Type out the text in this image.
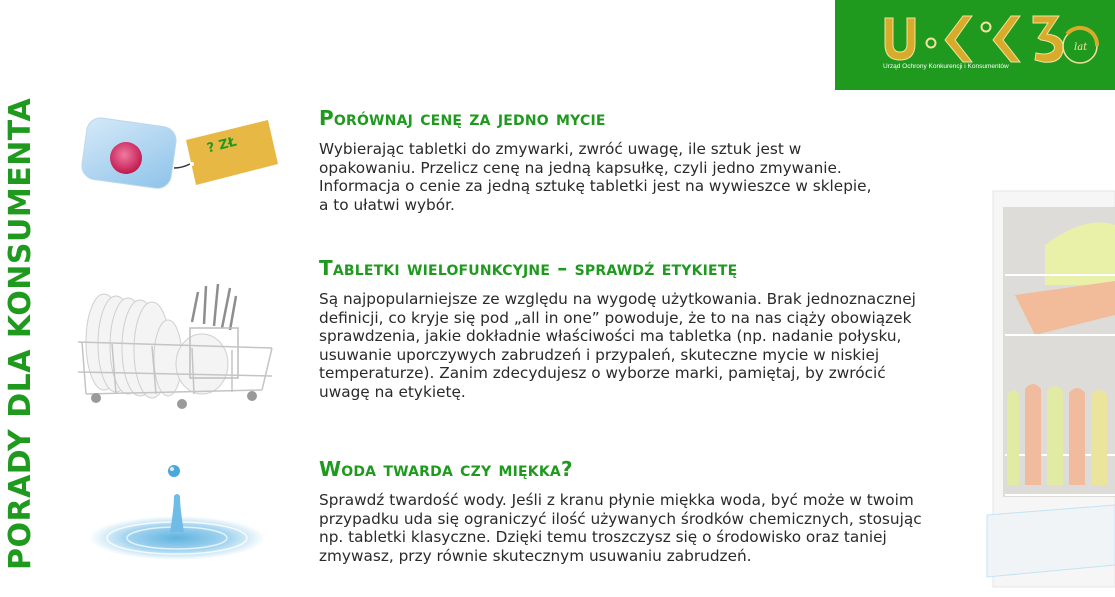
PORADY DLA KONSUMENTA
lat
Urząd Ochrony Konkurencji i Konsumentów
? ZŁ
Porównaj cenę za jedno mycie

Wybierając tabletki do zmywarki, zwróć uwagę, ile sztuk jest w opakowaniu. Przelicz cenę na jedną kapsułkę, czyli jedno zmywanie. Informacja o cenie za jedną sztukę tabletki jest na wywieszce w sklepie, a to ułatwi wybór.

Tabletki wielofunkcyjne – sprawdź etykietę

Są najpopularniejsze ze względu na wygodę użytkowania. Brak jednoznacznej definicji, co kryje się pod „all in one” powoduje, że to na nas ciąży obowiązek sprawdzenia, jakie dokładnie właściwości ma tabletka (np. nadanie połysku, usuwanie uporczywych zabrudzeń i przypaleń, skuteczne mycie w niskiej temperaturze). Zanim zdecydujesz o wyborze marki, pamiętaj, by zwrócić uwagę na etykietę.

Woda twarda czy miękka?

Sprawdź twardość wody. Jeśli z kranu płynie miękka woda, być może w twoim przypadku uda się ograniczyć ilość używanych środków chemicznych, stosując np. tabletki klasyczne. Dzięki temu troszczysz się o środowisko oraz taniej zmywasz, przy równie skutecznym usuwaniu zabrudzeń.
